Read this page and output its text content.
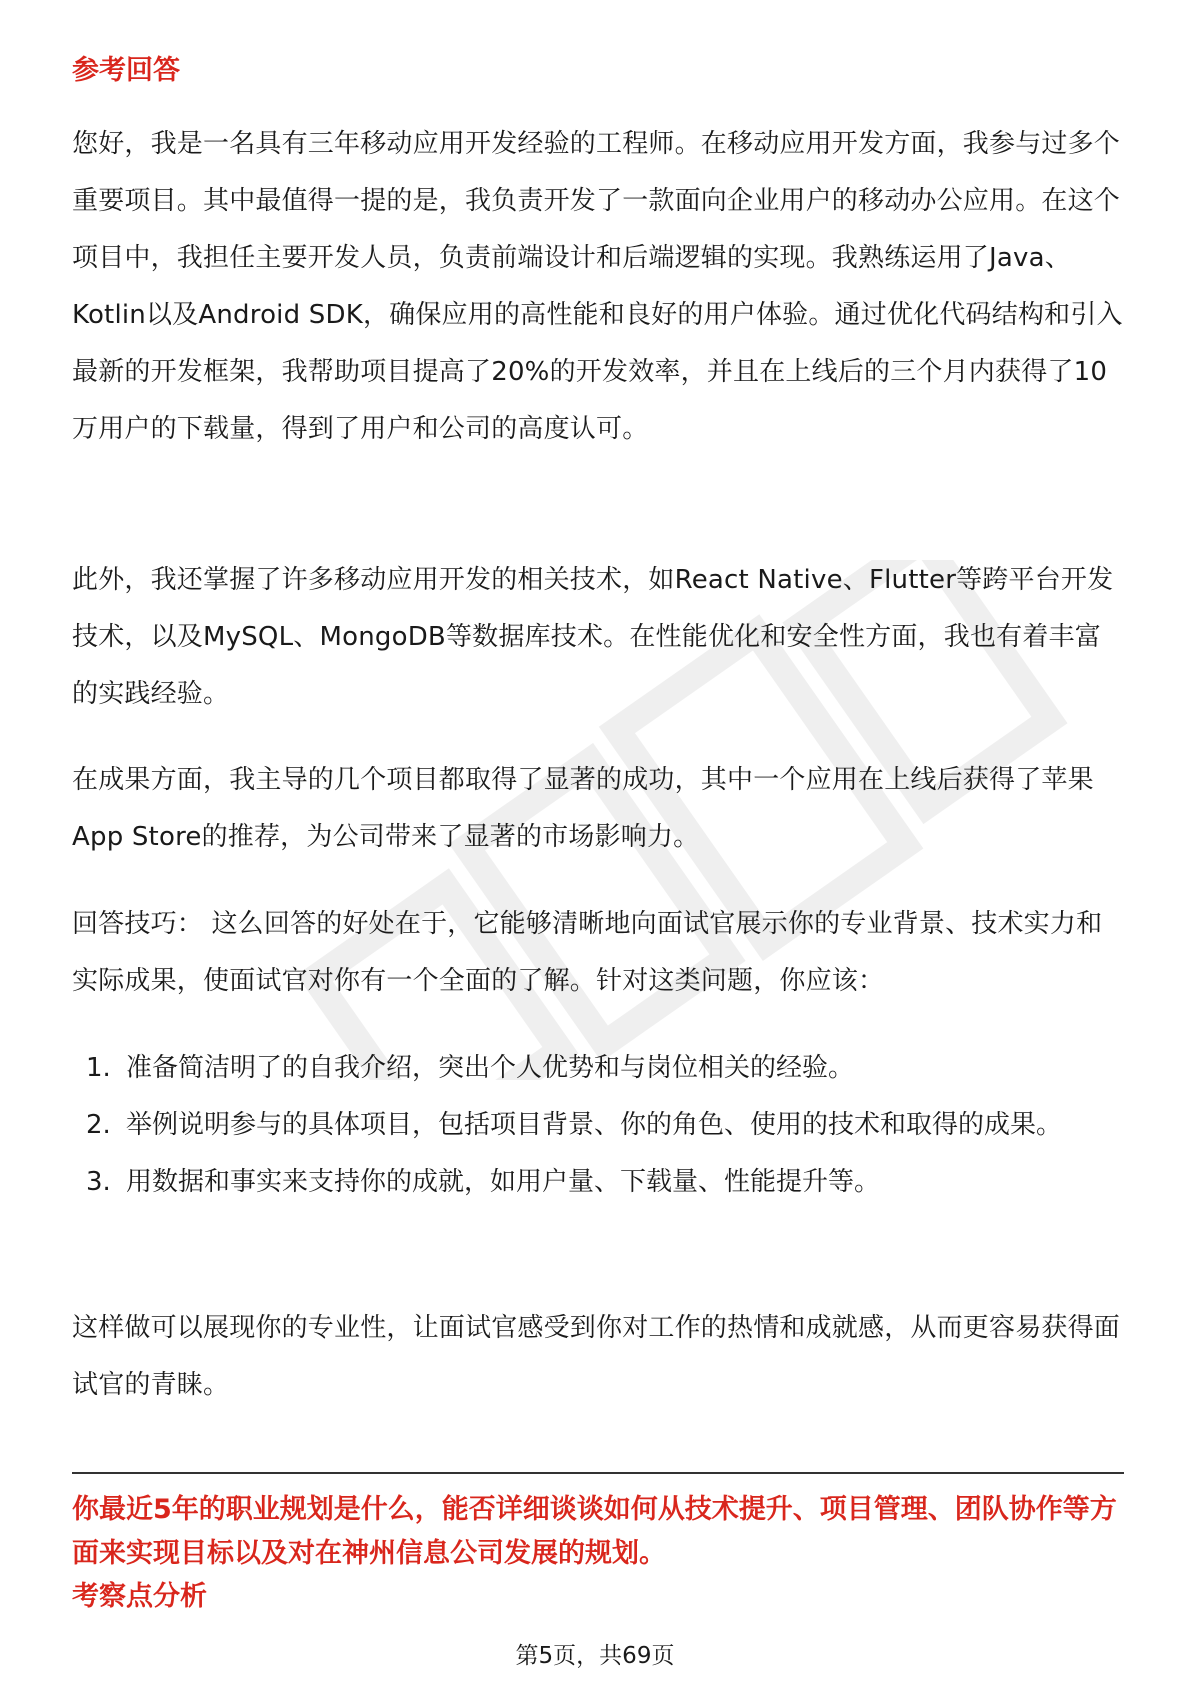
参考回答

您好，我是一名具有三年移动应用开发经验的工程师。在移动应用开发方面，我参与过多个重要项目。其中最值得一提的是，我负责开发了一款面向企业用户的移动办公应用。在这个项目中，我担任主要开发人员，负责前端设计和后端逻辑的实现。我熟练运用了Java、Kotlin以及Android SDK，确保应用的高性能和良好的用户体验。通过优化代码结构和引入最新的开发框架，我帮助项目提高了20%的开发效率，并且在上线后的三个月内获得了10万用户的下载量，得到了用户和公司的高度认可。

此外，我还掌握了许多移动应用开发的相关技术，如React Native、Flutter等跨平台开发技术，以及MySQL、MongoDB等数据库技术。在性能优化和安全性方面，我也有着丰富的实践经验。

在成果方面，我主导的几个项目都取得了显著的成功，其中一个应用在上线后获得了苹果App Store的推荐，为公司带来了显著的市场影响力。

回答技巧： 这么回答的好处在于，它能够清晰地向面试官展示你的专业背景、技术实力和实际成果，使面试官对你有一个全面的了解。针对这类问题，你应该：

1. 准备简洁明了的自我介绍，突出个人优势和与岗位相关的经验。
2. 举例说明参与的具体项目，包括项目背景、你的角色、使用的技术和取得的成果。
3. 用数据和事实来支持你的成就，如用户量、下载量、性能提升等。

这样做可以展现你的专业性，让面试官感受到你对工作的热情和成就感，从而更容易获得面试官的青睐。

你最近5年的职业规划是什么，能否详细谈谈如何从技术提升、项目管理、团队协作等方面来实现目标以及对在神州信息公司发展的规划。

考察点分析
第5页，共69页
